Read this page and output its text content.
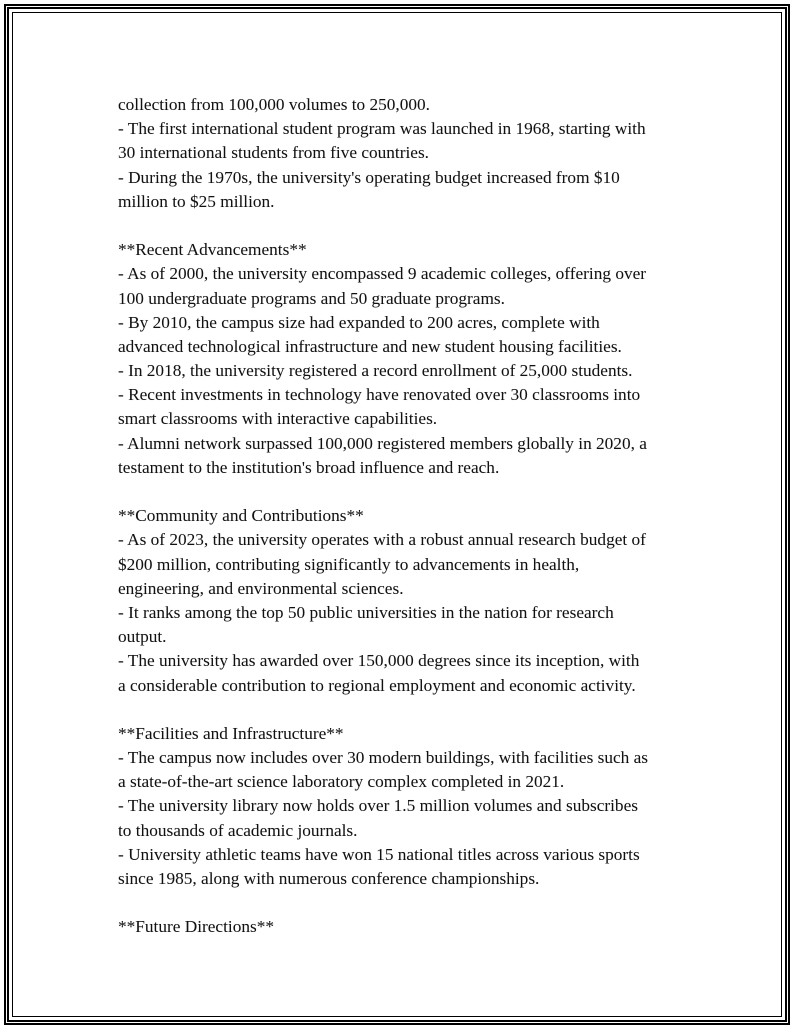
collection from 100,000 volumes to 250,000.
- The first international student program was launched in 1968, starting with
30 international students from five countries.
- During the 1970s, the university's operating budget increased from $10
million to $25 million.
**Recent Advancements**
- As of 2000, the university encompassed 9 academic colleges, offering over
100 undergraduate programs and 50 graduate programs.
- By 2010, the campus size had expanded to 200 acres, complete with
advanced technological infrastructure and new student housing facilities.
- In 2018, the university registered a record enrollment of 25,000 students.
- Recent investments in technology have renovated over 30 classrooms into
smart classrooms with interactive capabilities.
- Alumni network surpassed 100,000 registered members globally in 2020, a
testament to the institution's broad influence and reach.
**Community and Contributions**
- As of 2023, the university operates with a robust annual research budget of
$200 million, contributing significantly to advancements in health,
engineering, and environmental sciences.
- It ranks among the top 50 public universities in the nation for research
output.
- The university has awarded over 150,000 degrees since its inception, with
a considerable contribution to regional employment and economic activity.
**Facilities and Infrastructure**
- The campus now includes over 30 modern buildings, with facilities such as
a state-of-the-art science laboratory complex completed in 2021.
- The university library now holds over 1.5 million volumes and subscribes
to thousands of academic journals.
- University athletic teams have won 15 national titles across various sports
since 1985, along with numerous conference championships.
**Future Directions**
